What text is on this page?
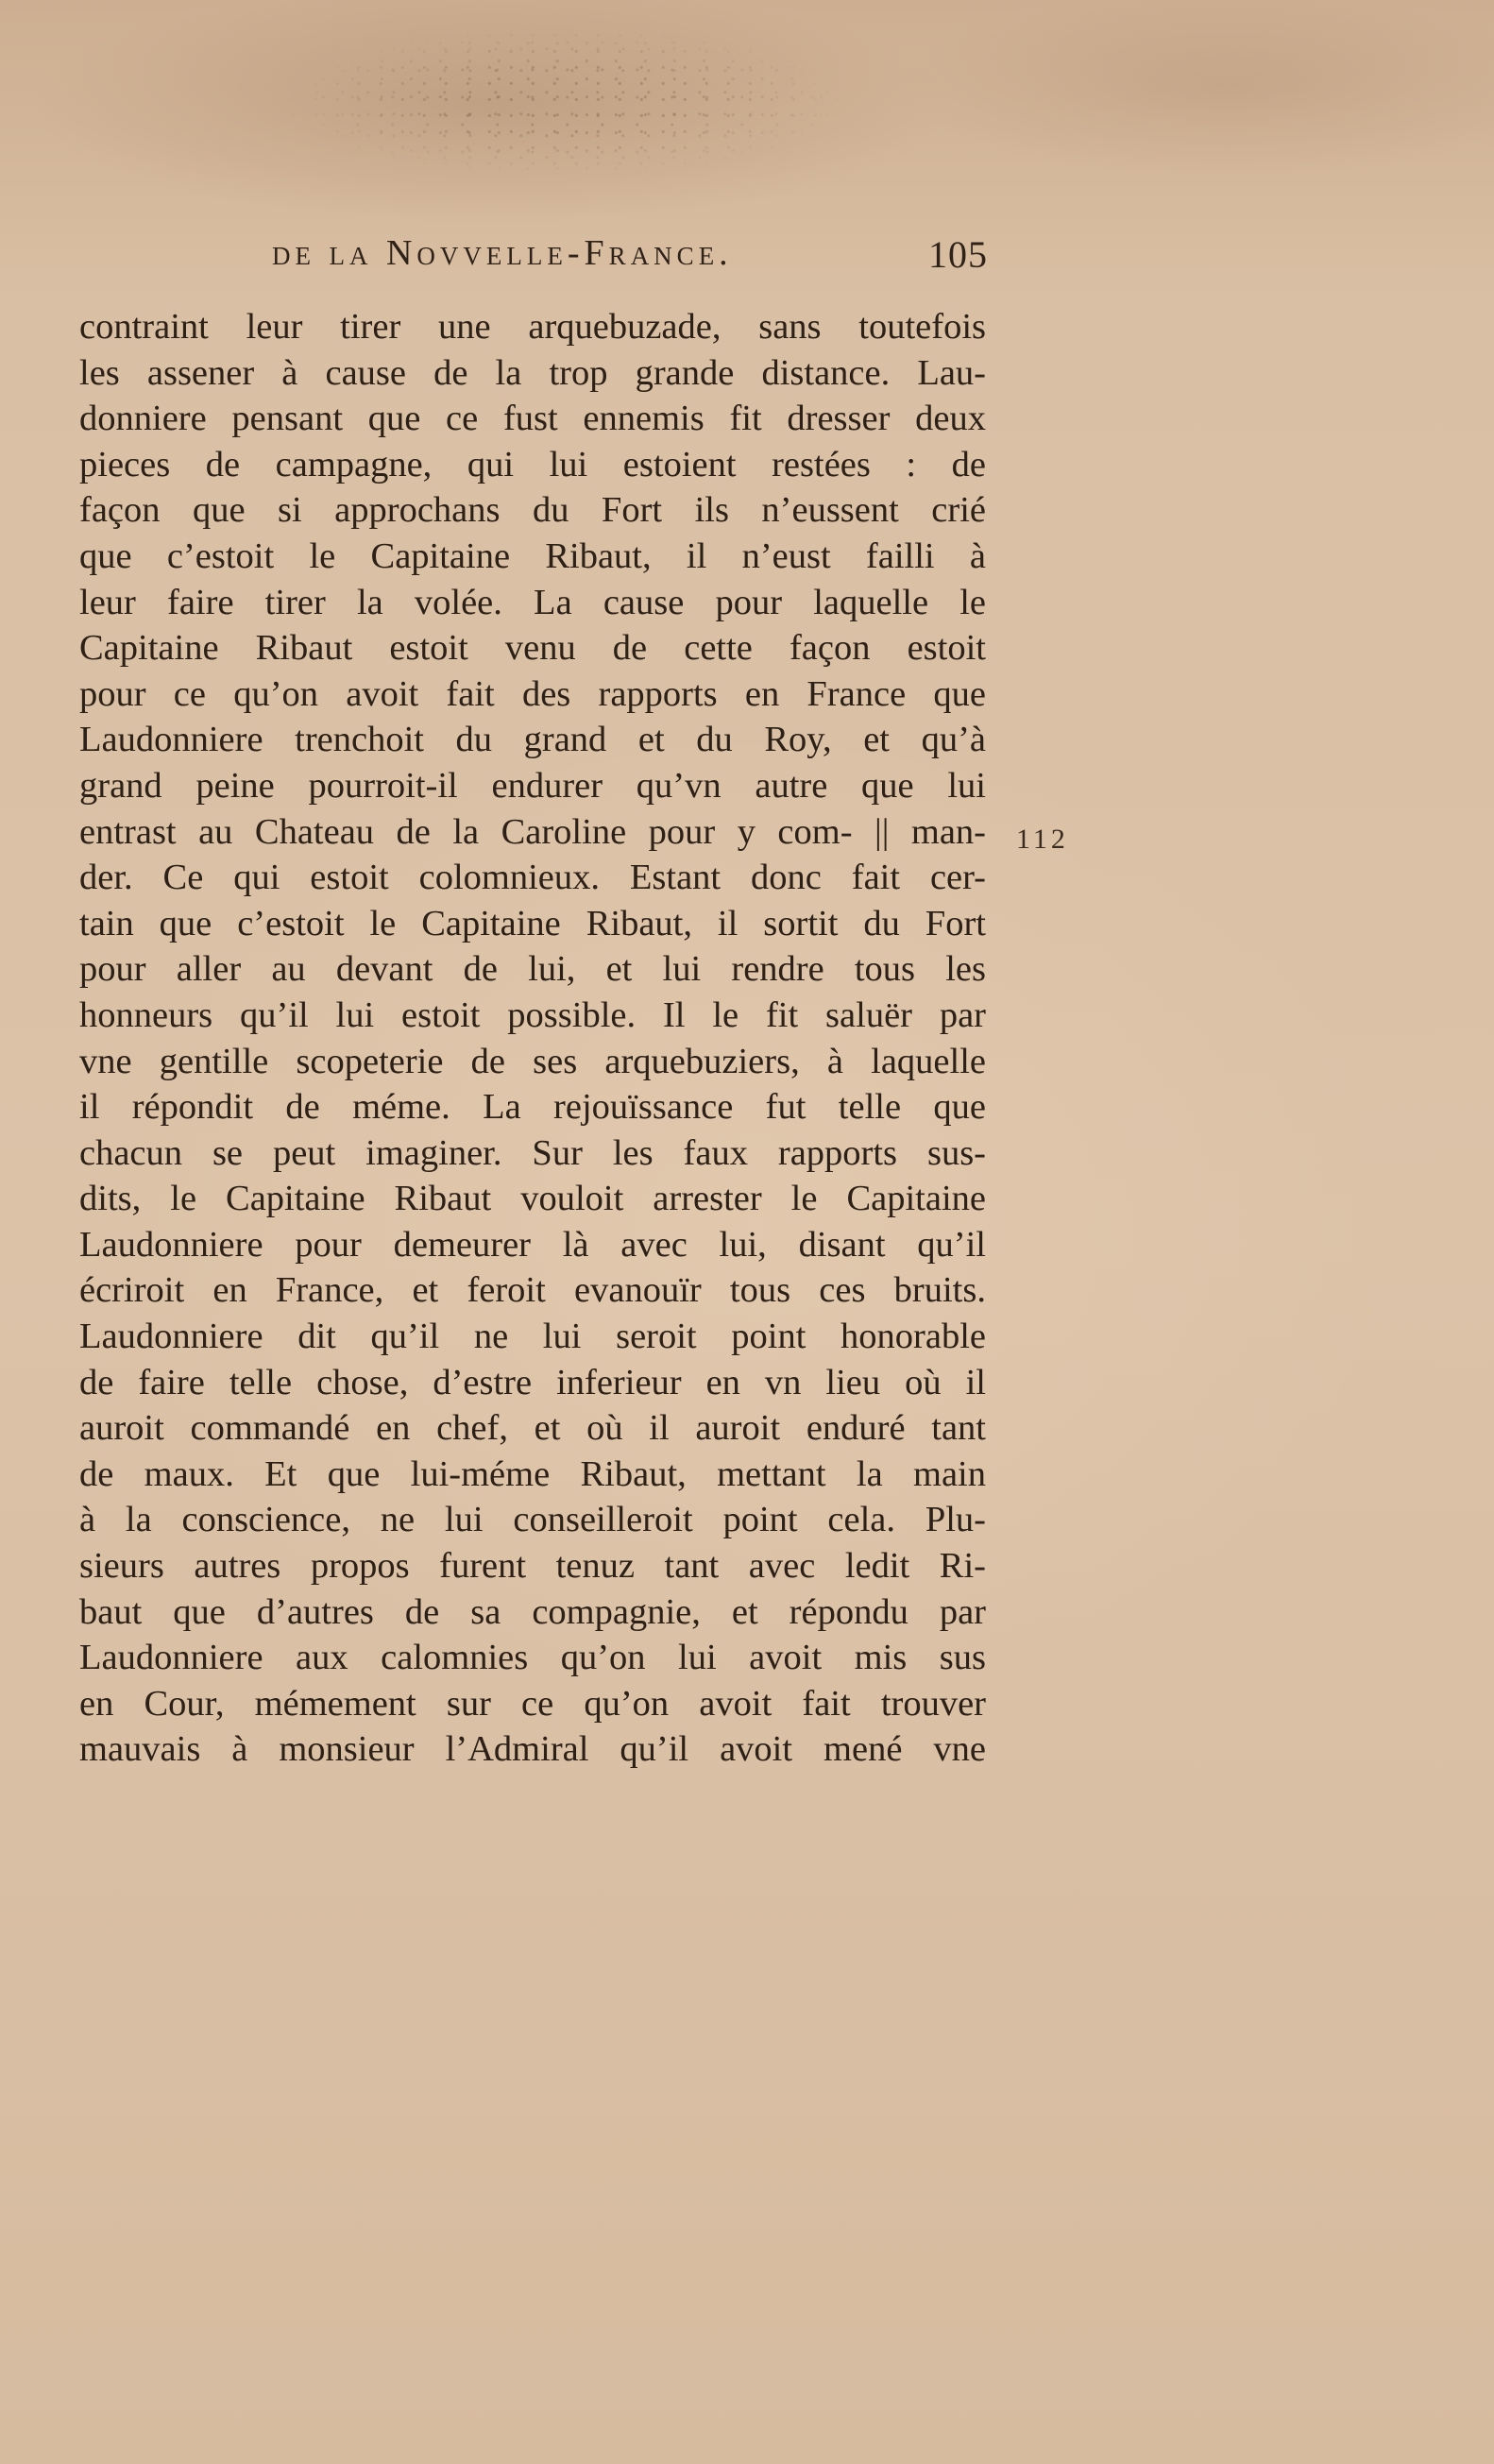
de la Novvelle-France.	105
112
contraint leur tirer une arquebuzade, sans toutefois
les assener à cause de la trop grande distance. Lau-
donniere pensant que ce fust ennemis fit dresser deux
pieces de campagne, qui lui estoient restées : de
façon que si approchans du Fort ils n’eussent crié
que c’estoit le Capitaine Ribaut, il n’eust failli à
leur faire tirer la volée. La cause pour laquelle le
Capitaine Ribaut estoit venu de cette façon estoit
pour ce qu’on avoit fait des rapports en France que
Laudonniere trenchoit du grand et du Roy, et qu’à
grand peine pourroit-il endurer qu’vn autre que lui
entrast au Chateau de la Caroline pour y com- || man-
der. Ce qui estoit colomnieux. Estant donc fait cer-
tain que c’estoit le Capitaine Ribaut, il sortit du Fort
pour aller au devant de lui, et lui rendre tous les
honneurs qu’il lui estoit possible. Il le fit saluër par
vne gentille scopeterie de ses arquebuziers, à laquelle
il répondit de méme. La rejouïssance fut telle que
chacun se peut imaginer. Sur les faux rapports sus-
dits, le Capitaine Ribaut vouloit arrester le Capitaine
Laudonniere pour demeurer là avec lui, disant qu’il
écriroit en France, et feroit evanouïr tous ces bruits.
Laudonniere dit qu’il ne lui seroit point honorable
de faire telle chose, d’estre inferieur en vn lieu où il
auroit commandé en chef, et où il auroit enduré tant
de maux. Et que lui-méme Ribaut, mettant la main
à la conscience, ne lui conseilleroit point cela. Plu-
sieurs autres propos furent tenuz tant avec ledit Ri-
baut que d’autres de sa compagnie, et répondu par
Laudonniere aux calomnies qu’on lui avoit mis sus
en Cour, mémement sur ce qu’on avoit fait trouver
mauvais à monsieur l’Admiral qu’il avoit mené vne
